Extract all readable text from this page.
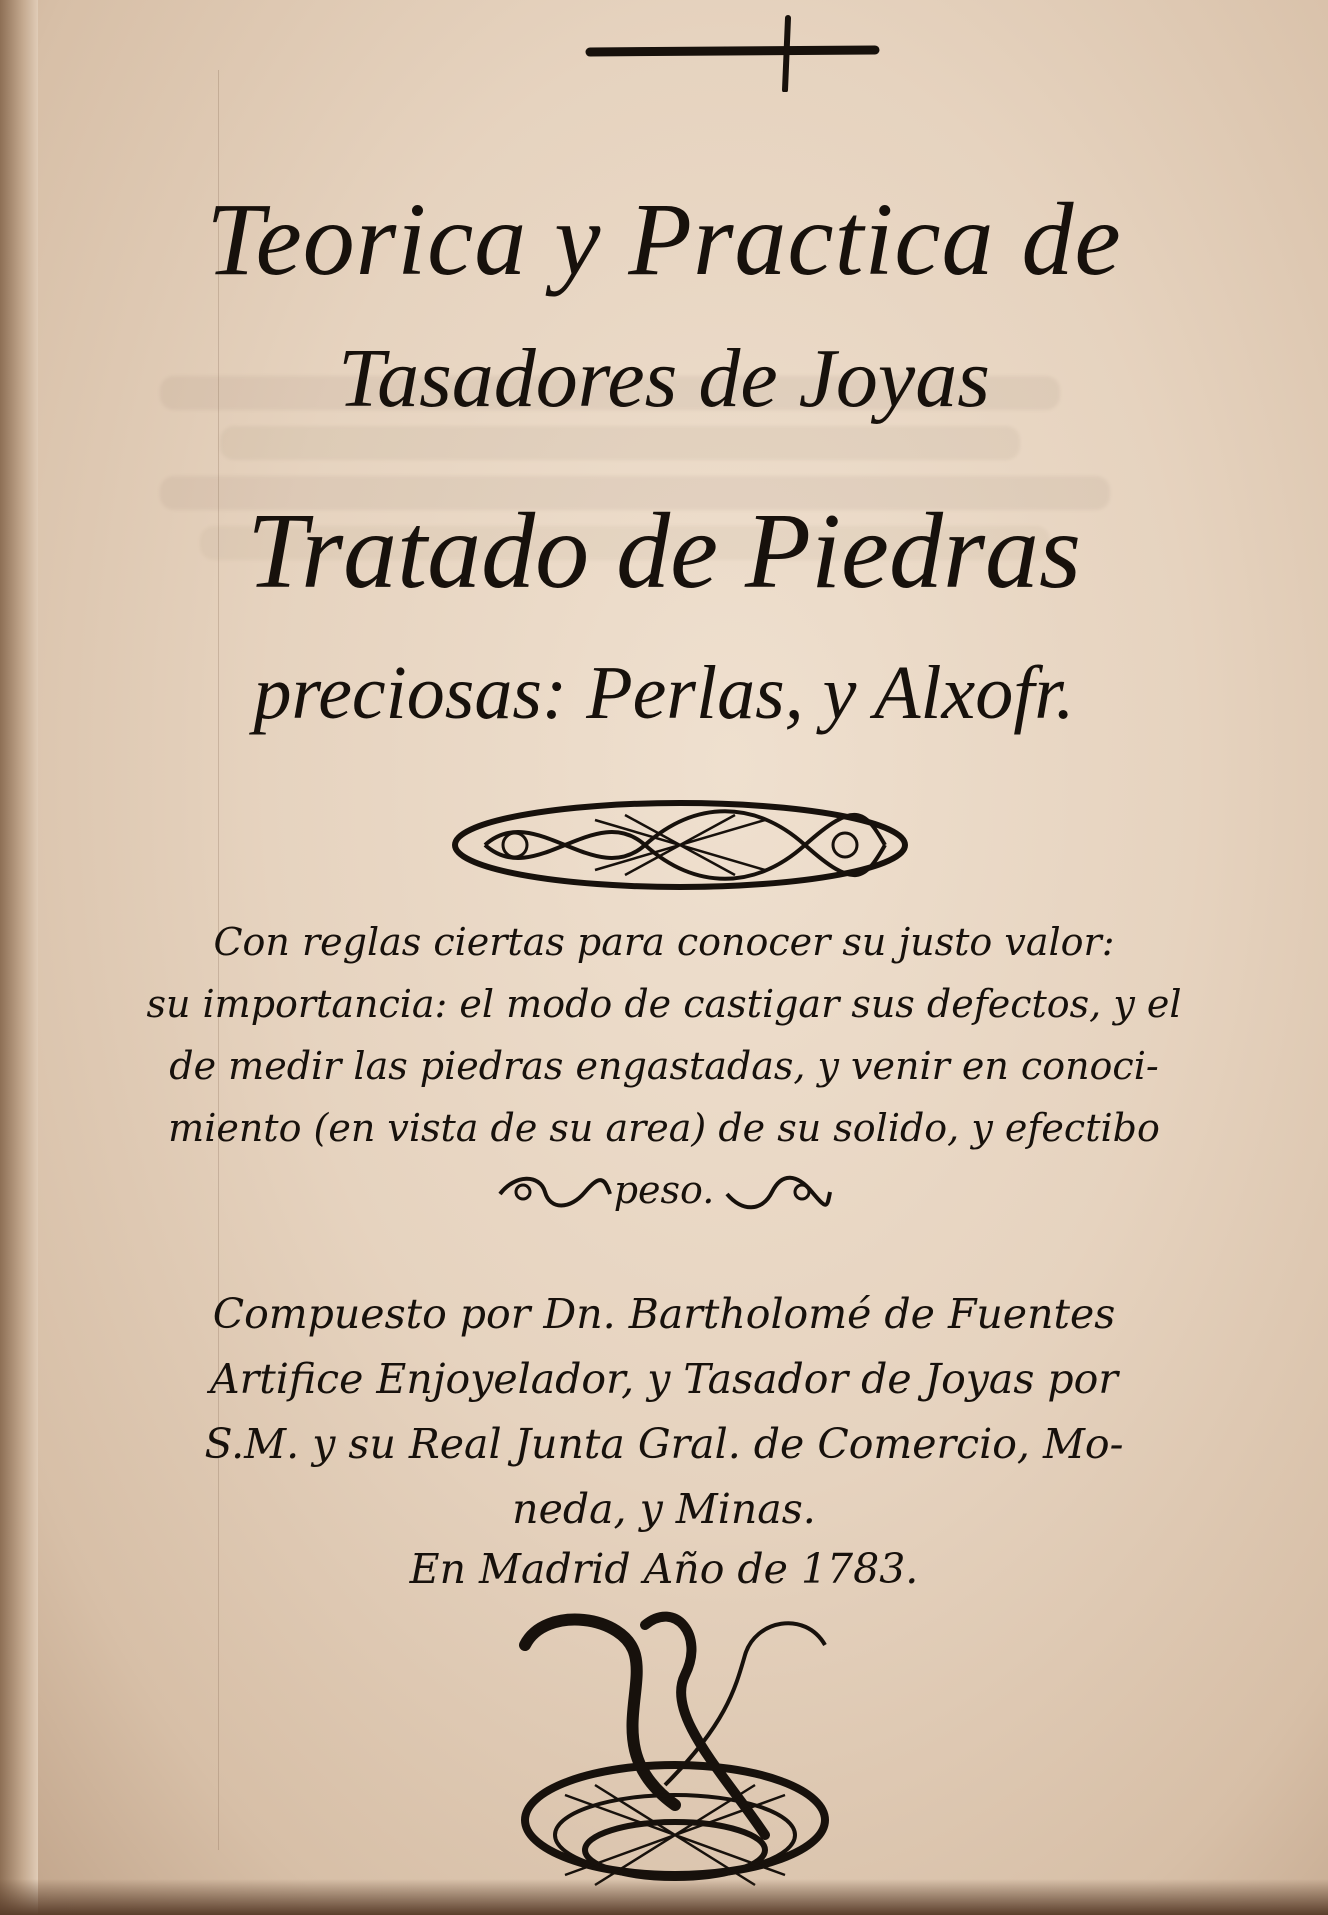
Teorica y Practica de
Tasadores de Joyas
Tratado de Piedras
preciosas: Perlas, y Alxofr.
Con reglas ciertas para conocer su justo valor:
su importancia: el modo de castigar sus defectos, y el
de medir las piedras engastadas, y venir en conoci-
miento (en vista de su area) de su solido, y efectibo
peso.
Compuesto por Dn. Bartholomé de Fuentes
Artifice Enjoyelador, y Tasador de Joyas por
S.M. y su Real Junta Gral. de Comercio, Mo-
neda, y Minas.
En Madrid Año de 1783.
